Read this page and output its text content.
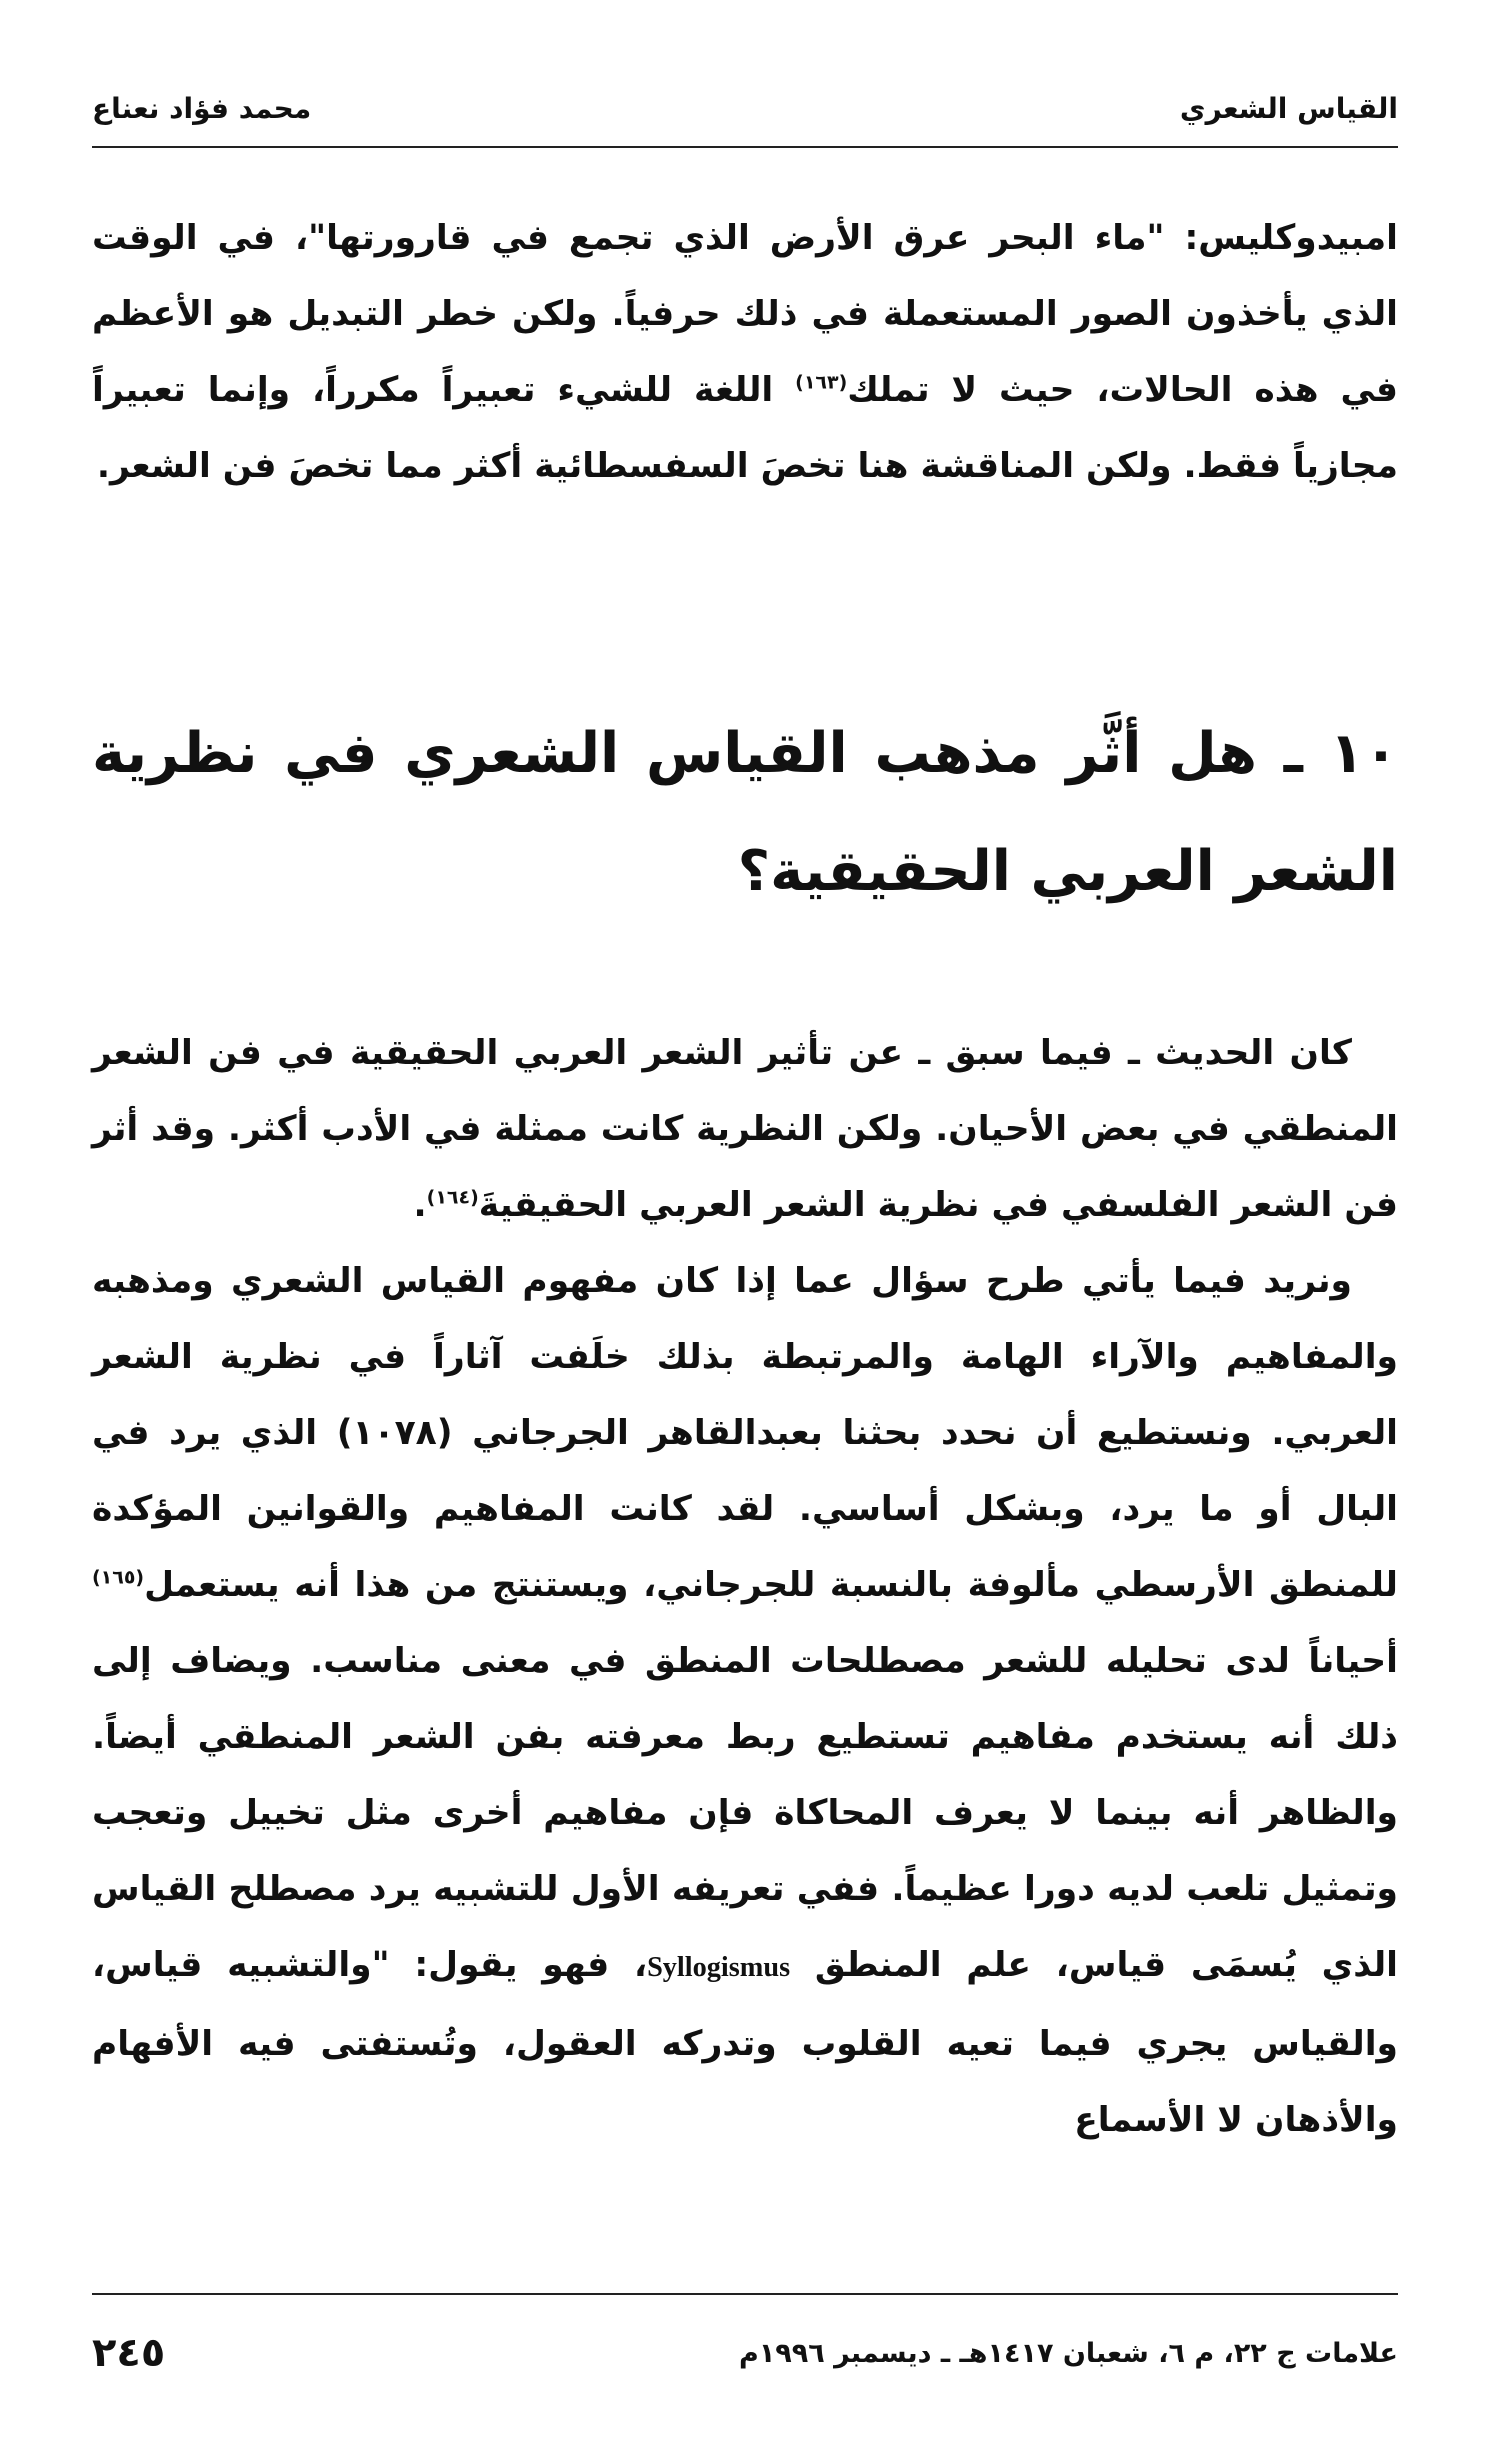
القياس الشعري
محمد فؤاد نعناع

امبيدوكليس: "ماء البحر عرق الأرض الذي تجمع في قارورتها"، في الوقت الذي يأخذون الصور المستعملة في ذلك حرفياً. ولكن خطر التبديل هو الأعظم في هذه الحالات، حيث لا تملك$^{(١٦٣)}$ اللغة للشيء تعبيراً مكرراً، وإنما تعبيراً مجازياً فقط. ولكن المناقشة هنا تخصَ السفسطائية أكثر مما تخصَ فن الشعر.

١٠ ـ هل أثَّر مذهب القياس الشعري في نظرية الشعر العربي الحقيقية؟

كان الحديث ـ فيما سبق ـ عن تأثير الشعر العربي الحقيقية في فن الشعر المنطقي في بعض الأحيان. ولكن النظرية كانت ممثلة في الأدب أكثر. وقد أثر فن الشعر الفلسفي في نظرية الشعر العربي الحقيقيةَ$^{(١٦٤)}$.

ونريد فيما يأتي طرح سؤال عما إذا كان مفهوم القياس الشعري ومذهبه والمفاهيم والآراء الهامة والمرتبطة بذلك خلَفت آثاراً في نظرية الشعر العربي. ونستطيع أن نحدد بحثنا بعبدالقاهر الجرجاني (١٠٧٨) الذي يرد في البال أو ما يرد، وبشكل أساسي. لقد كانت المفاهيم والقوانين المؤكدة للمنطق الأرسطي مألوفة بالنسبة للجرجاني، ويستنتج من هذا أنه يستعمل$^{(١٦٥)}$ أحياناً لدى تحليله للشعر مصطلحات المنطق في معنى مناسب. ويضاف إلى ذلك أنه يستخدم مفاهيم تستطيع ربط معرفته بفن الشعر المنطقي أيضاً. والظاهر أنه بينما لا يعرف المحاكاة فإن مفاهيم أخرى مثل تخييل وتعجب وتمثيل تلعب لديه دورا عظيماً. ففي تعريفه الأول للتشبيه يرد مصطلح القياس الذي يُسمَى قياس، علم المنطق Syllogismus، فهو يقول: "والتشبيه قياس، والقياس يجري فيما تعيه القلوب وتدركه العقول، وتُستفتى فيه الأفهام والأذهان لا الأسماع

علامات ج ٢٢، م ٦، شعبان ١٤١٧هـ ـ ديسمبر ١٩٩٦م
٢٤٥
